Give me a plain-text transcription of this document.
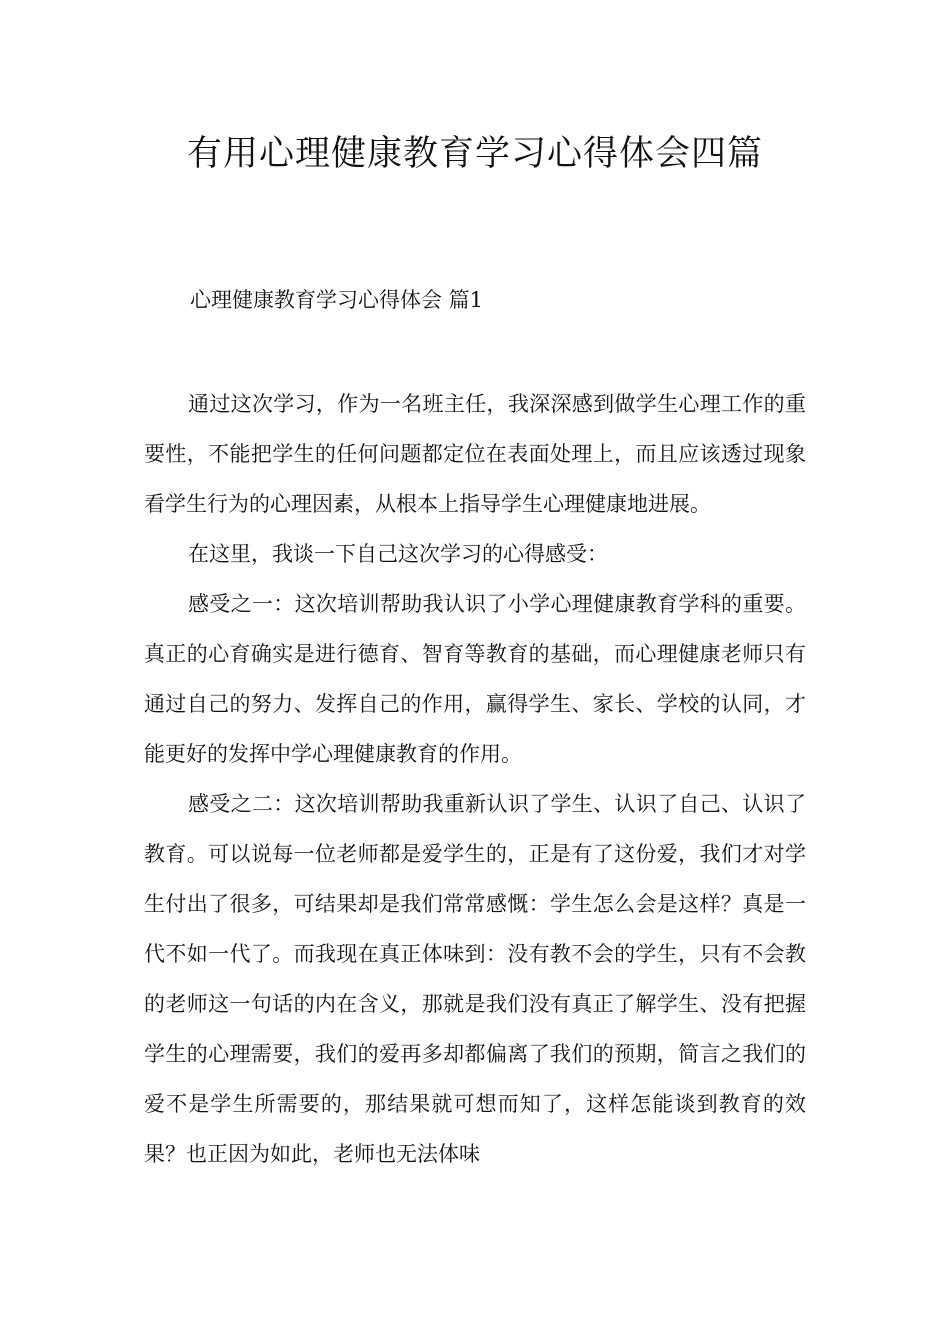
有用心理健康教育学习心得体会四篇
心理健康教育学习心得体会 篇1

通过这次学习，作为一名班主任，我深深感到做学生心理工作的重要性，不能把学生的任何问题都定位在表面处理上，而且应该透过现象看学生行为的心理因素，从根本上指导学生心理健康地进展。

在这里，我谈一下自己这次学习的心得感受：

感受之一：这次培训帮助我认识了小学心理健康教育学科的重要。真正的心育确实是进行德育、智育等教育的基础，而心理健康老师只有通过自己的努力、发挥自己的作用，赢得学生、家长、学校的认同，才能更好的发挥中学心理健康教育的作用。

感受之二：这次培训帮助我重新认识了学生、认识了自己、认识了教育。可以说每一位老师都是爱学生的，正是有了这份爱，我们才对学生付出了很多，可结果却是我们常常感慨：学生怎么会是这样？真是一代不如一代了。而我现在真正体味到：没有教不会的学生，只有不会教的老师这一句话的内在含义，那就是我们没有真正了解学生、没有把握学生的心理需要，我们的爱再多却都偏离了我们的预期，简言之我们的爱不是学生所需要的，那结果就可想而知了，这样怎能谈到教育的效果？也正因为如此，老师也无法体味
